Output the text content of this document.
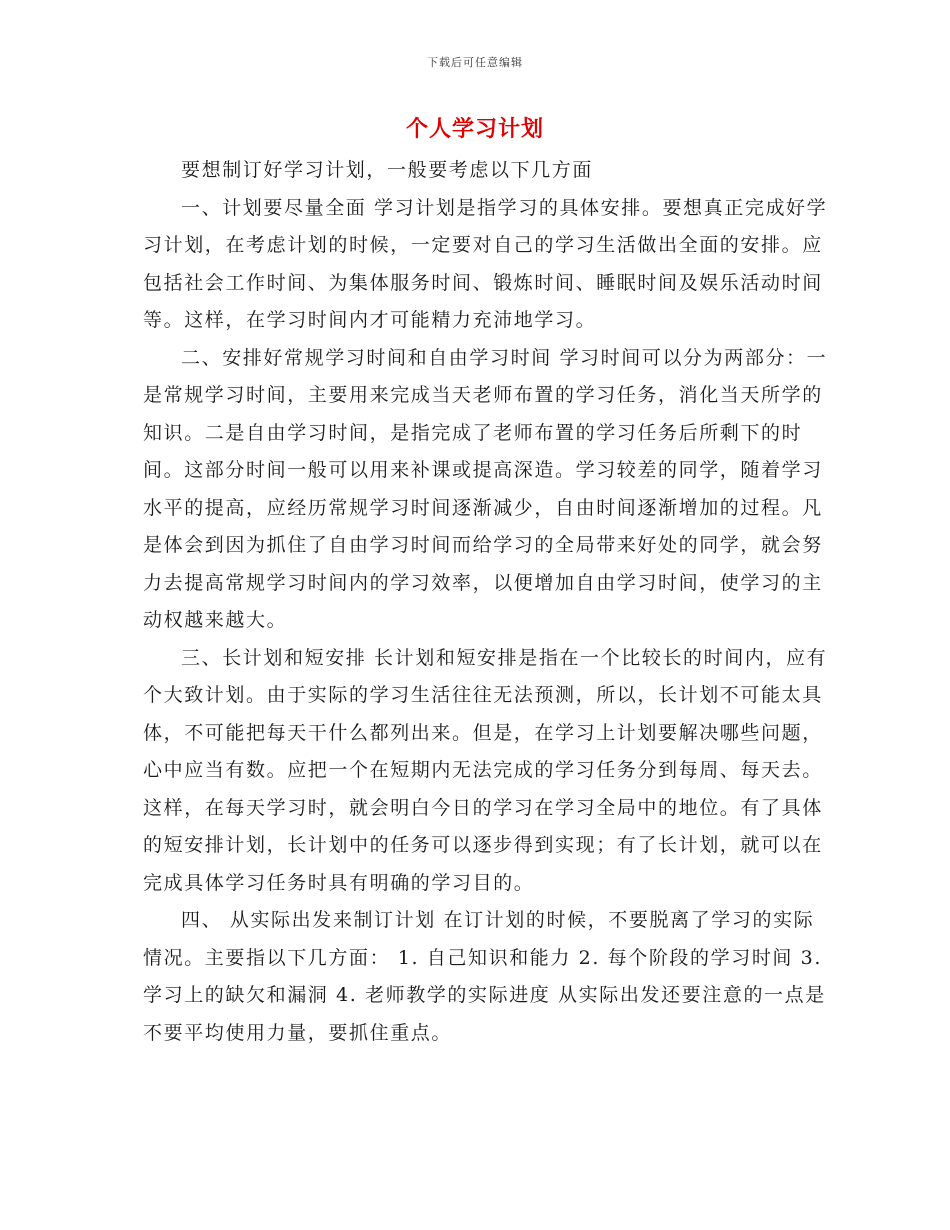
下载后可任意编辑
个人学习计划

要想制订好学习计划，一般要考虑以下几方面

一、计划要尽量全面 学习计划是指学习的具体安排。要想真正完成好学习计划，在考虑计划的时候，一定要对自己的学习生活做出全面的安排。应包括社会工作时间、为集体服务时间、锻炼时间、睡眠时间及娱乐活动时间等。这样，在学习时间内才可能精力充沛地学习。

二、安排好常规学习时间和自由学习时间 学习时间可以分为两部分：一是常规学习时间，主要用来完成当天老师布置的学习任务，消化当天所学的知识。二是自由学习时间，是指完成了老师布置的学习任务后所剩下的时间。这部分时间一般可以用来补课或提高深造。学习较差的同学，随着学习水平的提高，应经历常规学习时间逐渐减少，自由时间逐渐增加的过程。凡是体会到因为抓住了自由学习时间而给学习的全局带来好处的同学，就会努力去提高常规学习时间内的学习效率，以便增加自由学习时间，使学习的主动权越来越大。

三、长计划和短安排 长计划和短安排是指在一个比较长的时间内，应有个大致计划。由于实际的学习生活往往无法预测，所以，长计划不可能太具体，不可能把每天干什么都列出来。但是，在学习上计划要解决哪些问题，心中应当有数。应把一个在短期内无法完成的学习任务分到每周、每天去。这样，在每天学习时，就会明白今日的学习在学习全局中的地位。有了具体的短安排计划，长计划中的任务可以逐步得到实现；有了长计划，就可以在完成具体学习任务时具有明确的学习目的。

四、 从实际出发来制订计划 在订计划的时候，不要脱离了学习的实际情况。主要指以下几方面： 1. 自己知识和能力 2. 每个阶段的学习时间 3. 学习上的缺欠和漏洞 4. 老师教学的实际进度 从实际出发还要注意的一点是不要平均使用力量，要抓住重点。
